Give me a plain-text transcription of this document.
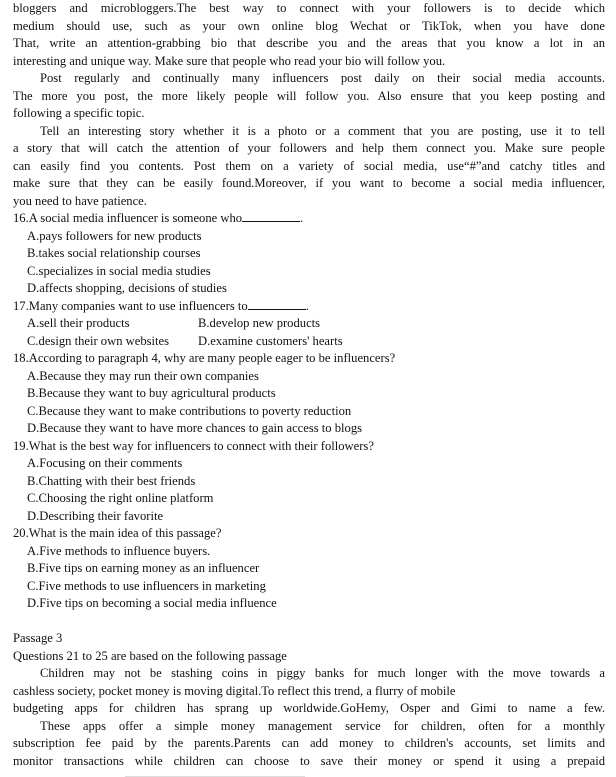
bloggers and microbloggers.The best way to connect with your followers is to decide which
medium should use, such as your own online blog Wechat or TikTok, when you have done
That, write an attention-grabbing bio that describe you and the areas that you know a lot in an
interesting and unique way. Make sure that people who read your bio will follow you.
Post regularly and continually many influencers post daily on their social media accounts.
The more you post, the more likely people will follow you. Also ensure that you keep posting and
following a specific topic.
Tell an interesting story whether it is a photo or a comment that you are posting, use it to tell
a story that will catch the attention of your followers and help them connect you. Make sure people
can easily find you contents. Post them on a variety of social media, use“#”and catchy titles and
make sure that they can be easily found.Moreover, if you want to become a social media influencer,
you need to have patience.
16.A social media influencer is someone who	.
A.pays followers for new products
B.takes social relationship courses
C.specializes in social media studies
D.affects shopping, decisions of studies
17.Many companies want to use influencers to	.
A.sell their products	B.develop new products
C.design their own websites D.examine customers' hearts
18.According to paragraph 4, why are many people eager to be influencers?
A.Because they may run their own companies
B.Because they want to buy agricultural products
C.Because they want to make contributions to poverty reduction
D.Because they want to have more chances to gain access to blogs
19.What is the best way for influencers to connect with their followers?
A.Focusing on their comments
B.Chatting with their best friends
C.Choosing the right online platform
D.Describing their favorite
20.What is the main idea of this passage?
A.Five methods to influence buyers.
B.Five tips on earning money as an influencer
C.Five methods to use influencers in marketing
D.Five tips on becoming a social media influence
Passage 3
Questions 21 to 25 are based on the following passage
Children may not be stashing coins in piggy banks for much longer with the move towards a
cashless society, pocket money is moving digital.To reflect this trend, a flurry of mobile
budgeting apps for children has sprang up worldwide.GoHemy, Osper and Gimi to name a few.
These apps offer a simple money management service for children, often for a monthly
subscription fee paid by the parents.Parents can add money to children's accounts, set limits and
monitor transactions while children can choose to save their money or spend it using a prepaid
